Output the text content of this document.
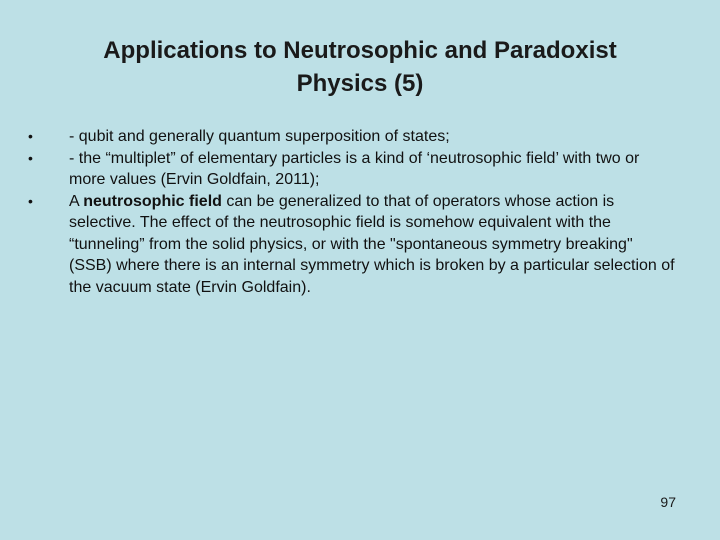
Applications to Neutrosophic and Paradoxist
Physics (5)
•	- qubit and generally quantum superposition of states;
•	- the “multiplet” of elementary particles is a kind of ‘neutrosophic field’ with two or more values (Ervin Goldfain, 2011);
•	A neutrosophic field can be generalized to that of operators whose action is selective. The effect of the neutrosophic field is somehow equivalent with the “tunneling” from the solid physics, or with the "spontaneous symmetry breaking" (SSB) where there is an internal symmetry which is broken by a particular selection of the vacuum state (Ervin Goldfain).
97
